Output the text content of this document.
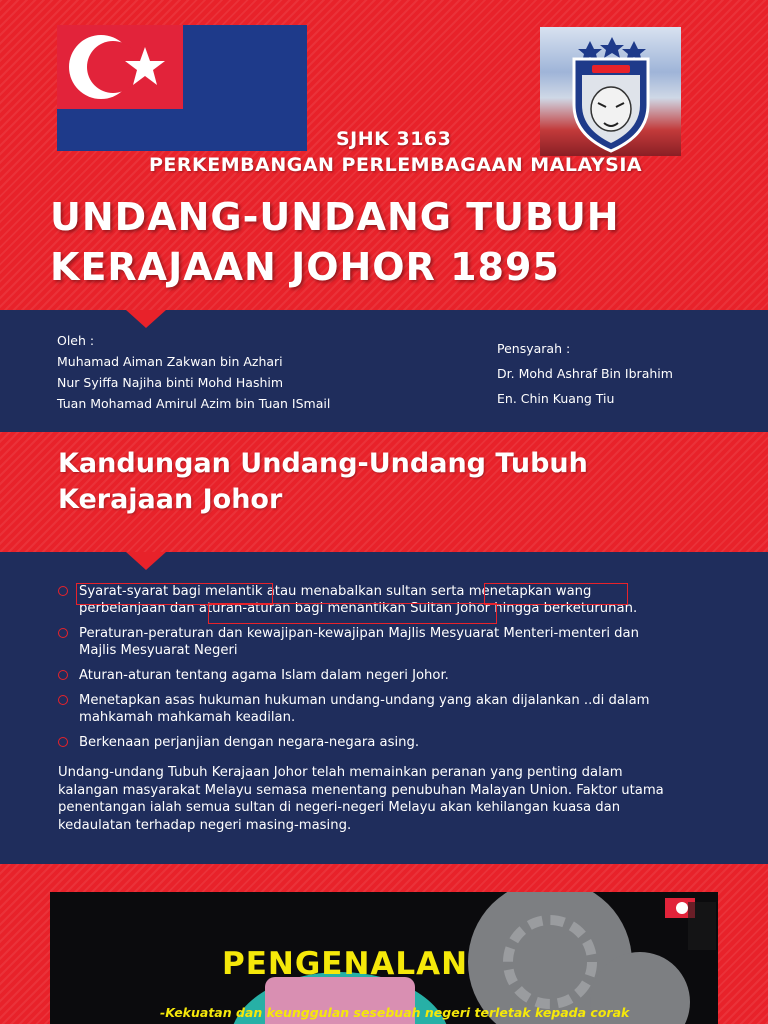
SJHK 3163
PERKEMBANGAN PERLEMBAGAAN MALAYSIA
UNDANG-UNDANG TUBUH
KERAJAAN JOHOR 1895
Oleh :
Muhamad Aiman Zakwan bin Azhari
Nur Syiffa Najiha binti Mohd Hashim
Tuan Mohamad Amirul Azim bin Tuan ISmail
Pensyarah :
Dr. Mohd Ashraf Bin Ibrahim
En. Chin Kuang Tiu
Kandungan Undang-Undang Tubuh
Kerajaan Johor
Syarat-syarat bagi melantik atau menabalkan sultan serta menetapkan wang
perbelanjaan dan aturan-aturan bagi menantikan Sultan Johor hingga berketurunan.
Peraturan-peraturan dan kewajipan-kewajipan Majlis Mesyuarat Menteri-menteri dan
Majlis Mesyuarat Negeri
Aturan-aturan tentang agama Islam dalam negeri Johor.
Menetapkan asas hukuman hukuman undang-undang yang akan dijalankan ..di dalam
mahkamah mahkamah keadilan.
Berkenaan perjanjian dengan negara-negara asing.
Undang-undang Tubuh Kerajaan Johor telah memainkan peranan yang penting dalam
kalangan masyarakat Melayu semasa menentang penubuhan Malayan Union. Faktor utama
penentangan ialah semua sultan di negeri-negeri Melayu akan kehilangan kuasa dan
kedaulatan terhadap negeri masing-masing.
PENGENALAN
-Kekuatan dan keunggulan sesebuah negeri terletak kepada corak
